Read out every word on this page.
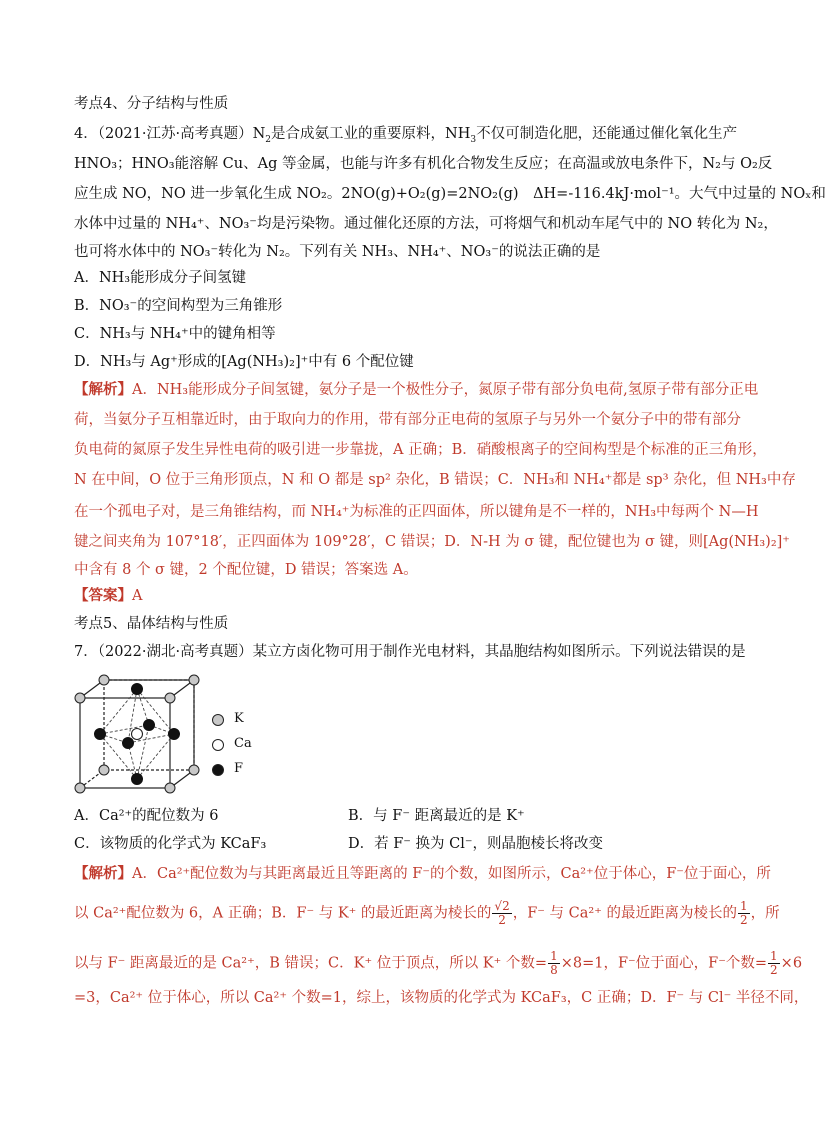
考点4、分子结构与性质
4．（2021·江苏·高考真题）$N_2$是合成氨工业的重要原料，$NH_3$不仅可制造化肥，还能通过催化氧化生产
HNO₃；HNO₃能溶解 Cu、Ag 等金属，也能与许多有机化合物发生反应；在高温或放电条件下，N₂与 O₂反
应生成 NO，NO 进一步氧化生成 NO₂。2NO(g)+O₂(g)=2NO₂(g)　ΔH=-116.4kJ·mol⁻¹。大气中过量的 NOₓ和
水体中过量的 NH₄⁺、NO₃⁻均是污染物。通过催化还原的方法，可将烟气和机动车尾气中的 NO 转化为 N₂，
也可将水体中的 NO₃⁻转化为 N₂。下列有关 NH₃、NH₄⁺、NO₃⁻的说法正确的是
A．NH₃能形成分子间氢键
B．NO₃⁻的空间构型为三角锥形
C．NH₃与 NH₄⁺中的键角相等
D．NH₃与 Ag⁺形成的[Ag(NH₃)₂]⁺中有 6 个配位键
【解析】A．NH₃能形成分子间氢键，氨分子是一个极性分子，氮原子带有部分负电荷,氢原子带有部分正电
荷，当氨分子互相靠近时，由于取向力的作用，带有部分正电荷的氢原子与另外一个氨分子中的带有部分
负电荷的氮原子发生异性电荷的吸引进一步靠拢，A 正确；B．硝酸根离子的空间构型是个标准的正三角形，
N 在中间，O 位于三角形顶点，N 和 O 都是 sp² 杂化，B 错误；C．NH₃和 NH₄⁺都是 sp³ 杂化，但 NH₃中存
在一个孤电子对，是三角锥结构，而 NH₄⁺为标准的正四面体，所以键角是不一样的，NH₃中每两个 N—H
键之间夹角为 107°18′，正四面体为 109°28′，C 错误；D．N-H 为 σ 键，配位键也为 σ 键，则[Ag(NH₃)₂]⁺
中含有 8 个 σ 键，2 个配位键，D 错误；答案选 A。
【答案】A
考点5、晶体结构与性质
7．（2022·湖北·高考真题）某立方卤化物可用于制作光电材料，其晶胞结构如图所示。下列说法错误的是
K
Ca
F
A．Ca²⁺的配位数为 6	B．与 F⁻ 距离最近的是 K⁺
C．该物质的化学式为 KCaF₃	D．若 F⁻ 换为 Cl⁻，则晶胞棱长将改变
【解析】A．Ca²⁺配位数为与其距离最近且等距离的 F⁻的个数，如图所示，Ca²⁺位于体心，F⁻位于面心，所
以 Ca²⁺配位数为 6，A 正确；B．F⁻ 与 K⁺ 的最近距离为棱长的 $\frac{√2}{2}$ ，F⁻ 与 Ca²⁺ 的最近距离为棱长的 $\frac{1}{2}$ ，所
以与 F⁻ 距离最近的是 Ca²⁺，B 错误；C．K⁺ 位于顶点，所以 K⁺ 个数= $\frac{1}{8} \times 8=1$，F⁻位于面心，F⁻个数= $\frac{1}{2} \times 6$
=3，Ca²⁺ 位于体心，所以 Ca²⁺ 个数=1，综上，该物质的化学式为 KCaF₃，C 正确；D．F⁻ 与 Cl⁻ 半径不同，
